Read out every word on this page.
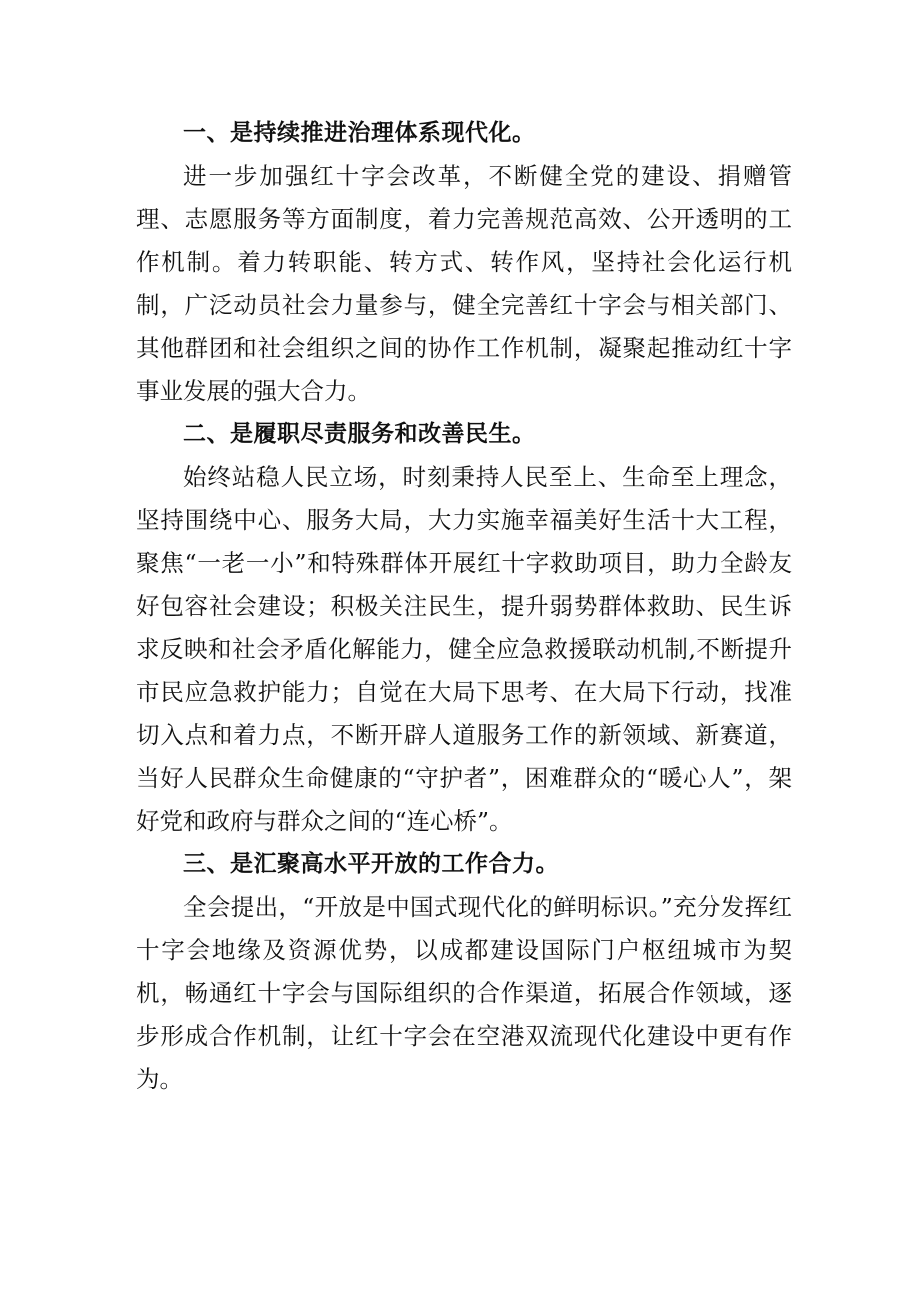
一、是持续推进治理体系现代化。

进一步加强红十字会改革，不断健全党的建设、捐赠管理、志愿服务等方面制度，着力完善规范高效、公开透明的工作机制。着力转职能、转方式、转作风，坚持社会化运行机制，广泛动员社会力量参与，健全完善红十字会与相关部门、其他群团和社会组织之间的协作工作机制，凝聚起推动红十字事业发展的强大合力。

二、是履职尽责服务和改善民生。

始终站稳人民立场，时刻秉持人民至上、生命至上理念，坚持围绕中心、服务大局，大力实施幸福美好生活十大工程，聚焦“一老一小”和特殊群体开展红十字救助项目，助力全龄友好包容社会建设；积极关注民生，提升弱势群体救助、民生诉求反映和社会矛盾化解能力，健全应急救援联动机制,不断提升市民应急救护能力；自觉在大局下思考、在大局下行动，找准切入点和着力点，不断开辟人道服务工作的新领域、新赛道，当好人民群众生命健康的“守护者”，困难群众的“暖心人”，架好党和政府与群众之间的“连心桥”。

三、是汇聚高水平开放的工作合力。

全会提出，“开放是中国式现代化的鲜明标识。”充分发挥红十字会地缘及资源优势，以成都建设国际门户枢纽城市为契机，畅通红十字会与国际组织的合作渠道，拓展合作领域，逐步形成合作机制，让红十字会在空港双流现代化建设中更有作为。
